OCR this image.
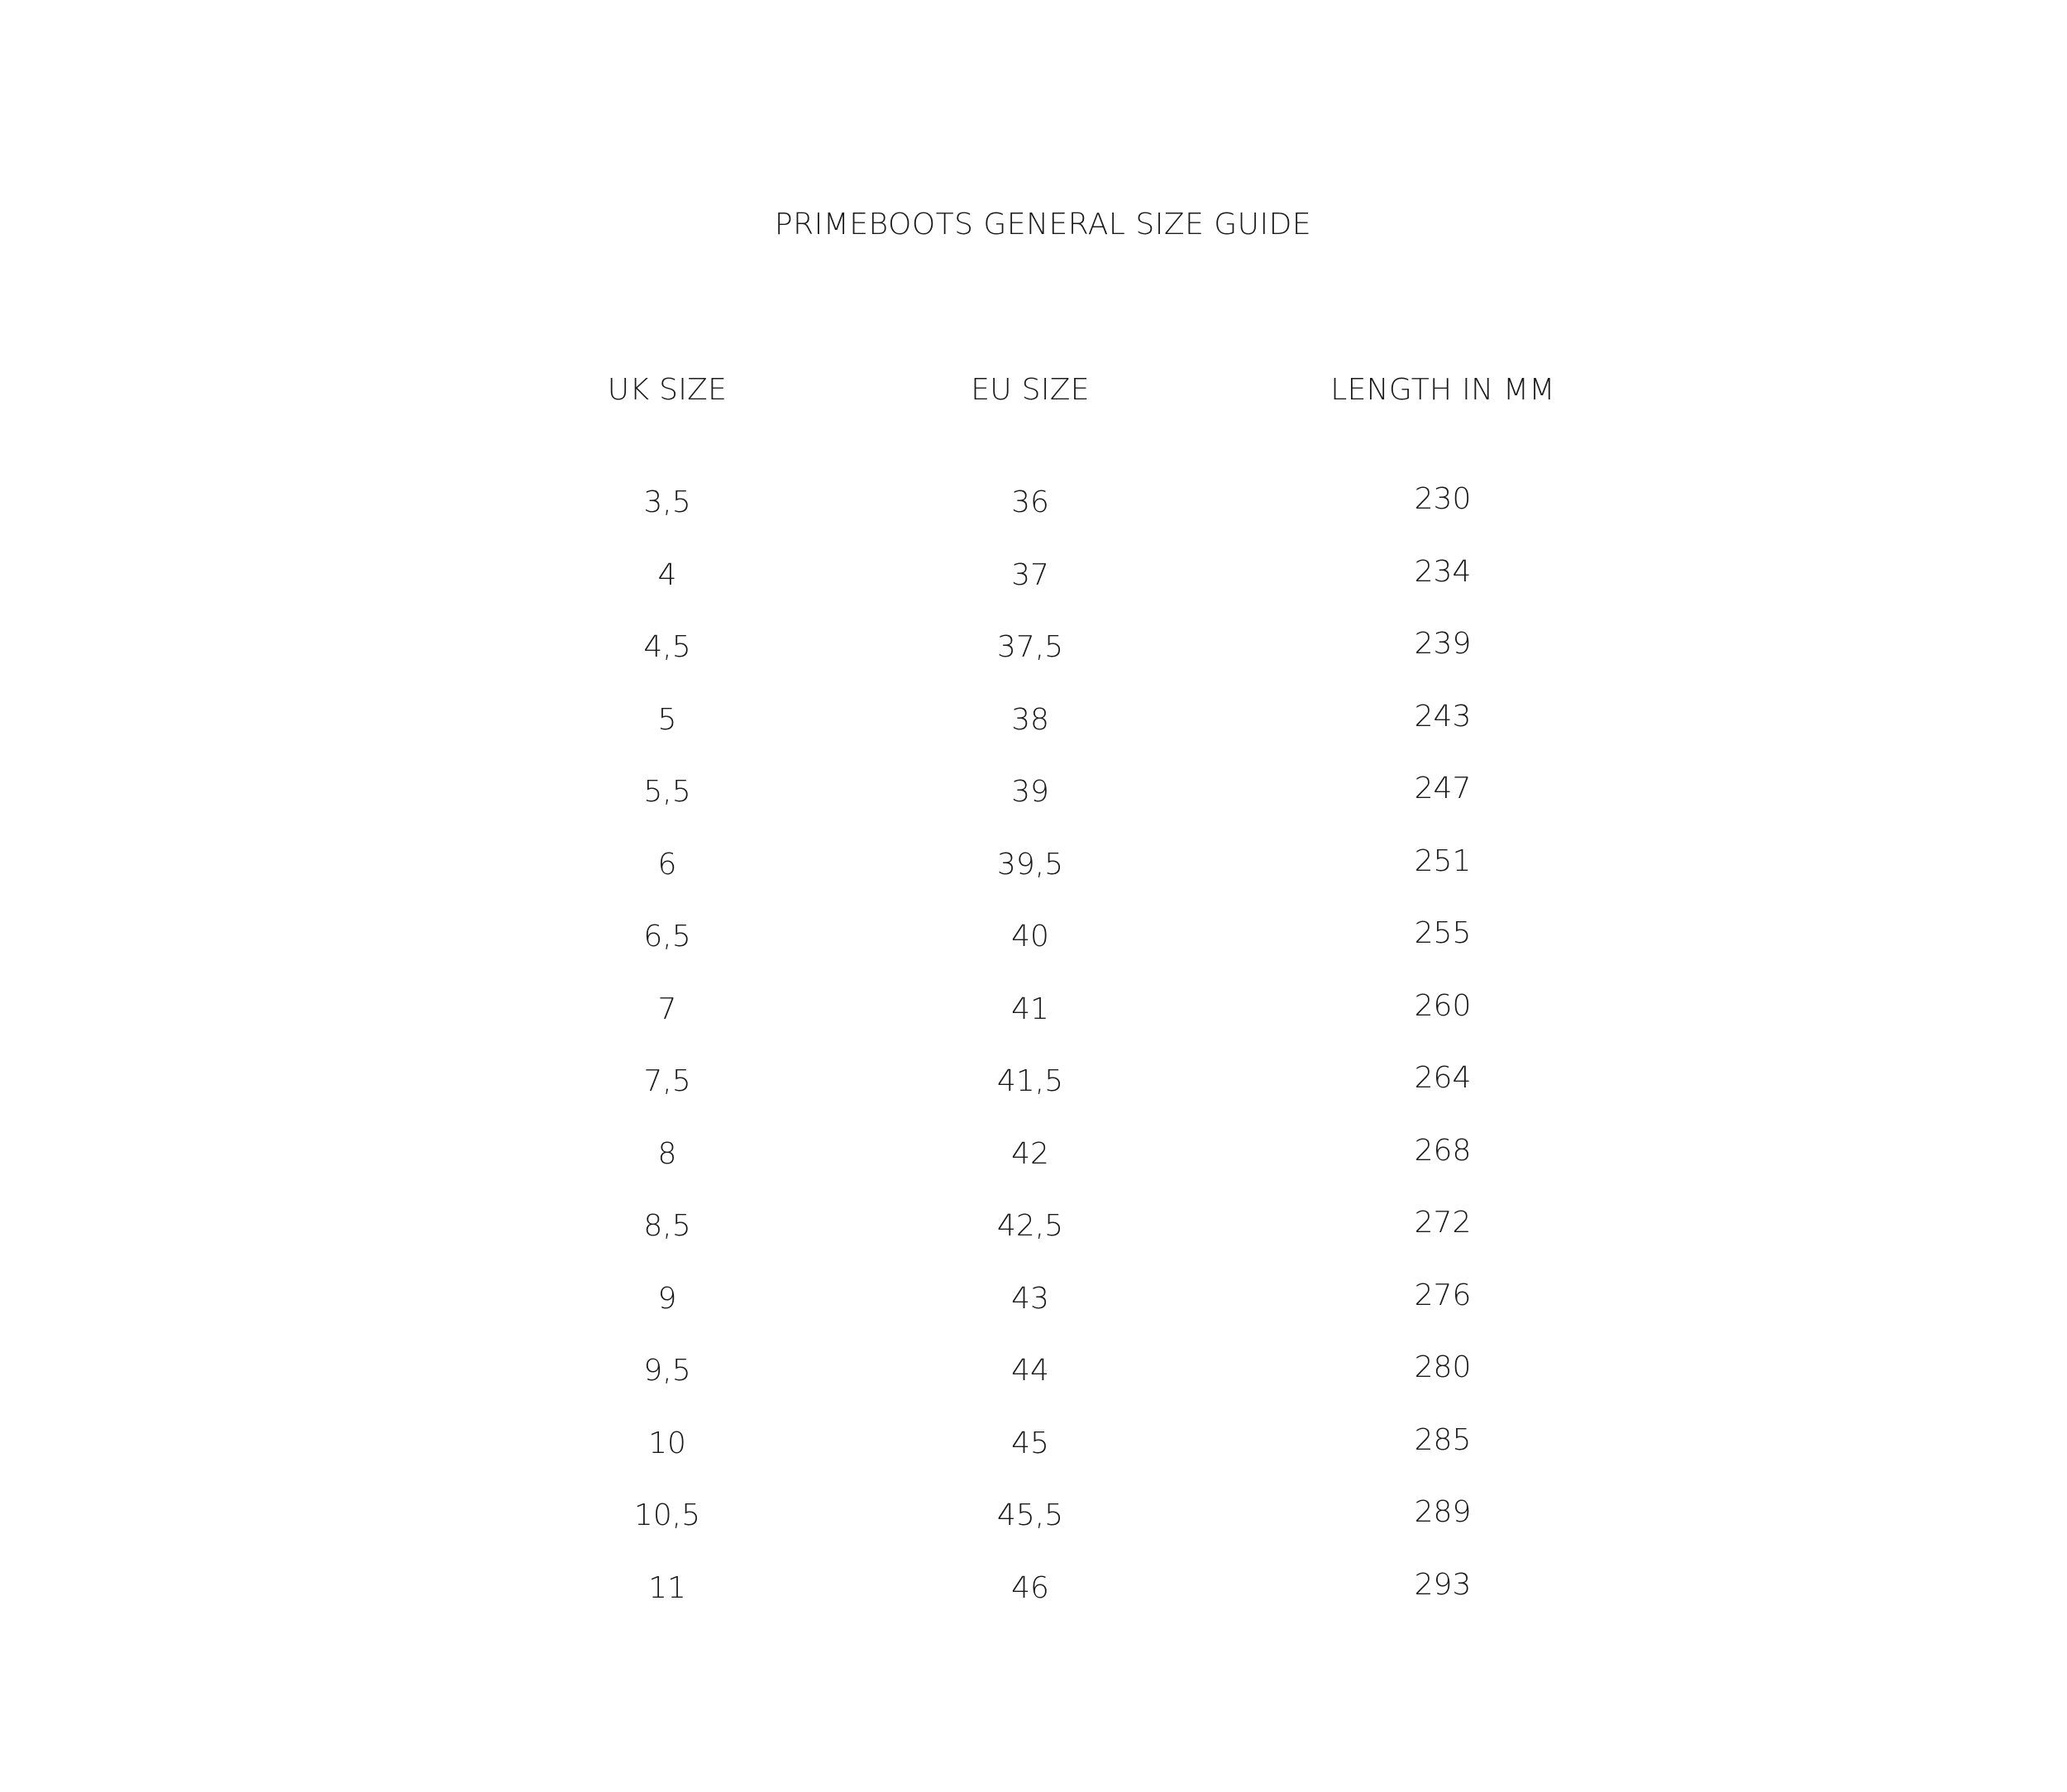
PRIMEBOOTS GENERAL SIZE GUIDE
UK SIZE
3,5
4
4,5
5
5,5
6
6,5
7
7,5
8
8,5
9
9,5
10
10,5
11
EU SIZE
36
37
37,5
38
39
39,5
40
41
41,5
42
42,5
43
44
45
45,5
46
LENGTH IN MM
230
234
239
243
247
251
255
260
264
268
272
276
280
285
289
293
